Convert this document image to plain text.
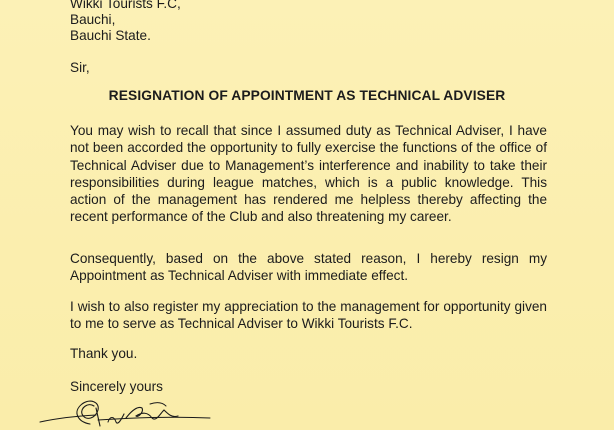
Wikki Tourists F.C,
Bauchi,
Bauchi State.
Sir,
RESIGNATION OF APPOINTMENT AS TECHNICAL ADVISER
You may wish to recall that since I assumed duty as Technical Adviser, I have not been accorded the opportunity to fully exercise the functions of the office of Technical Adviser due to Management’s interference and inability to take their responsibilities during league matches, which is a public knowledge. This action of the management has rendered me helpless thereby affecting the recent performance of the Club and also threatening my career.
Consequently, based on the above stated reason, I hereby resign my Appointment as Technical Adviser with immediate effect.
I wish to also register my appreciation to the management for opportunity given to me to serve as Technical Adviser to Wikki Tourists F.C.
Thank you.
Sincerely yours
